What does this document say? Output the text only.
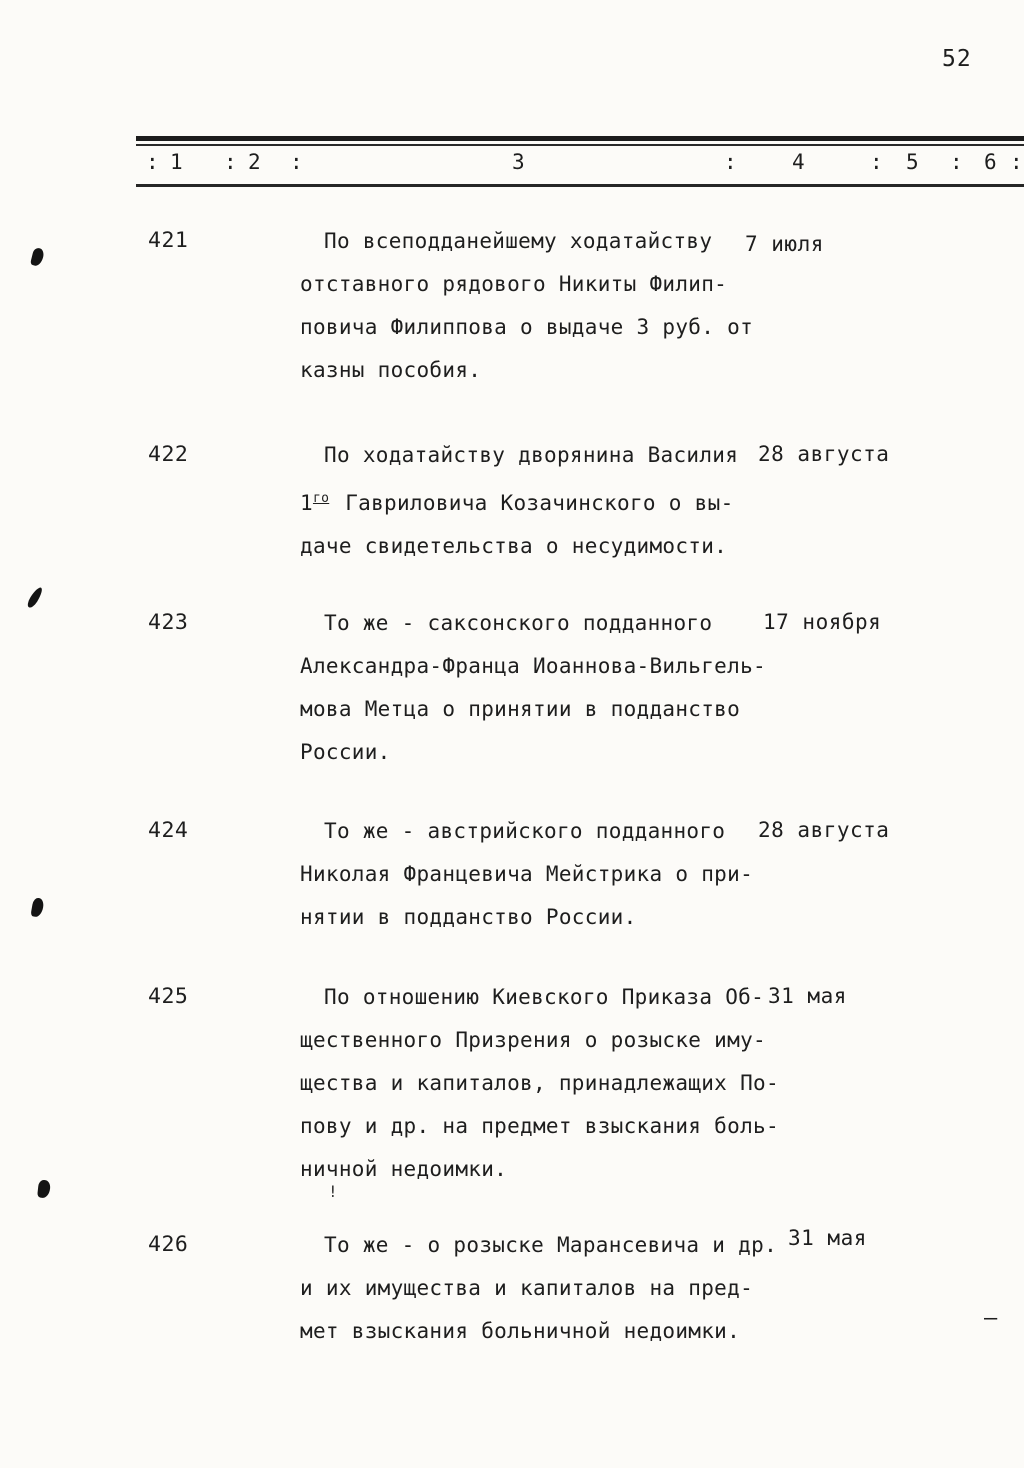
52
: 1 : 2 :	3	:	4	: 5 : 6 :
421	По всеподданейшему ходатайству
отставного рядового Никиты Филип-
повича Филиппова о выдаче 3 руб. от
казны пособия.
7 июля
422	По ходатайству дворянина Василия
$1^{го}$ Гавриловича Козачинского о вы-
даче свидетельства о несудимости.
28 августа
423	То же - саксонского подданного
Александра-Франца Иоаннова-Вильгель-
мова Метца о принятии в подданство
России.
17 ноября
424	То же - австрийского подданного
Николая Францевича Мейстрика о при-
нятии в подданство России.
28 августа
425	По отношению Киевского Приказа Об-
щественного Призрения о розыске иму-
щества и капиталов, принадлежащих По-
пову и др. на предмет взыскания боль-
ничной недоимки.
31 мая
426	То же - о розыске Марансевича и др.
и их имущества и капиталов на пред-
мет взыскания больничной недоимки.
31 мая
!
—
